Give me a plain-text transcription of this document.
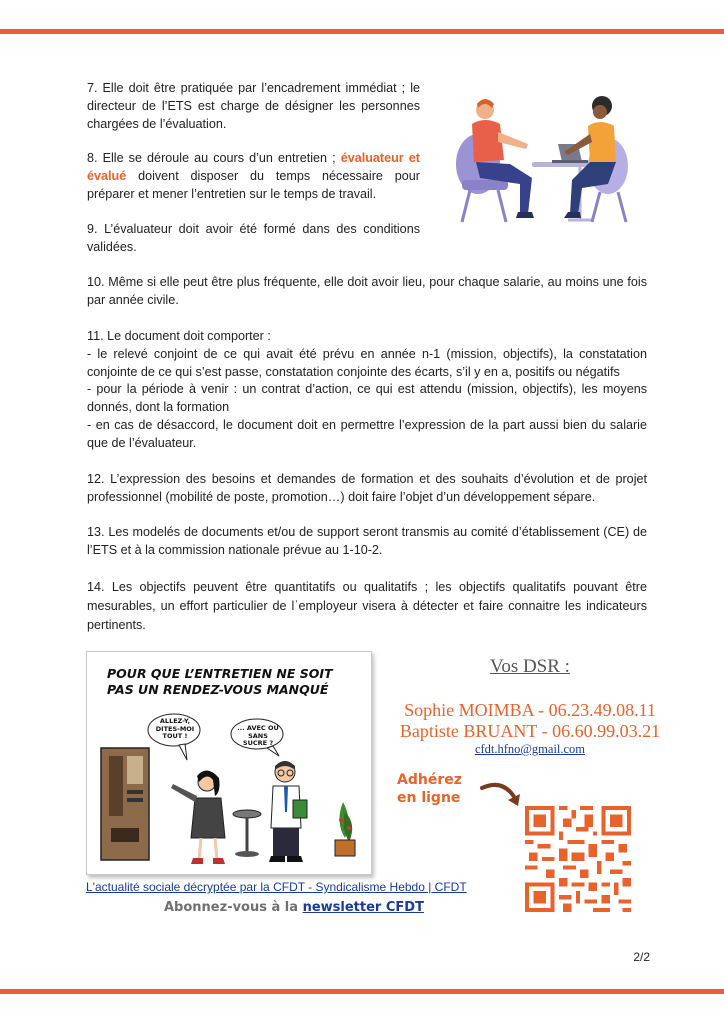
7. Elle doit être pratiquée par l’encadrement immédiat ; le directeur de l’ETS est charge de désigner les personnes chargées de l’évaluation.

8. Elle se déroule au cours d’un entretien ; évaluateur et évalué doivent disposer du temps nécessaire pour préparer et mener l’entretien sur le temps de travail.

9. L’évaluateur doit avoir été formé dans des conditions validées.

10. Même si elle peut être plus fréquente, elle doit avoir lieu, pour chaque salarie, au moins une fois par année civile.

11. Le document doit comporter :
- le relevé conjoint de ce qui avait été prévu en année n-1 (mission, objectifs), la constatation conjointe de ce qui s’est passe, constatation conjointe des écarts, s’il y en a, positifs ou négatifs
- pour la période à venir : un contrat d’action, ce qui est attendu (mission, objectifs), les moyens donnés, dont la formation
- en cas de désaccord, le document doit en permettre l’expression de la part aussi bien du salarie que de l’évaluateur.

12. L’expression des besoins et demandes de formation et des souhaits d’évolution et de projet professionnel (mobilité de poste, promotion…) doit faire l’objet d’un développement sépare.

13. Les modelés de documents et/ou de support seront transmis au comité d’établissement (CE) de l’ETS et à la commission nationale prévue au 1-10-2.

14. Les objectifs peuvent être quantitatifs ou qualitatifs ; les objectifs qualitatifs pouvant être mesurables, un effort particulier de lʾemployeur visera à détecter et faire connaitre les indicateurs pertinents.

POUR QUE L’ENTRETIEN NE SOIT PAS UN RENDEZ-VOUS MANQUÉ

ALLEZ-Y, DITES-MOI TOUT !

... AVEC OU SANS SUCRE ?

Vos DSR :

Sophie MOIMBA - 06.23.49.08.11

Baptiste BRUANT - 06.60.99.03.21

cfdt.hfno@gmail.com

Adhérez
en ligne

L'actualité sociale décryptée par la CFDT - Syndicalisme Hebdo | CFDT

Abonnez-vous à la newsletter CFDT

2/2
